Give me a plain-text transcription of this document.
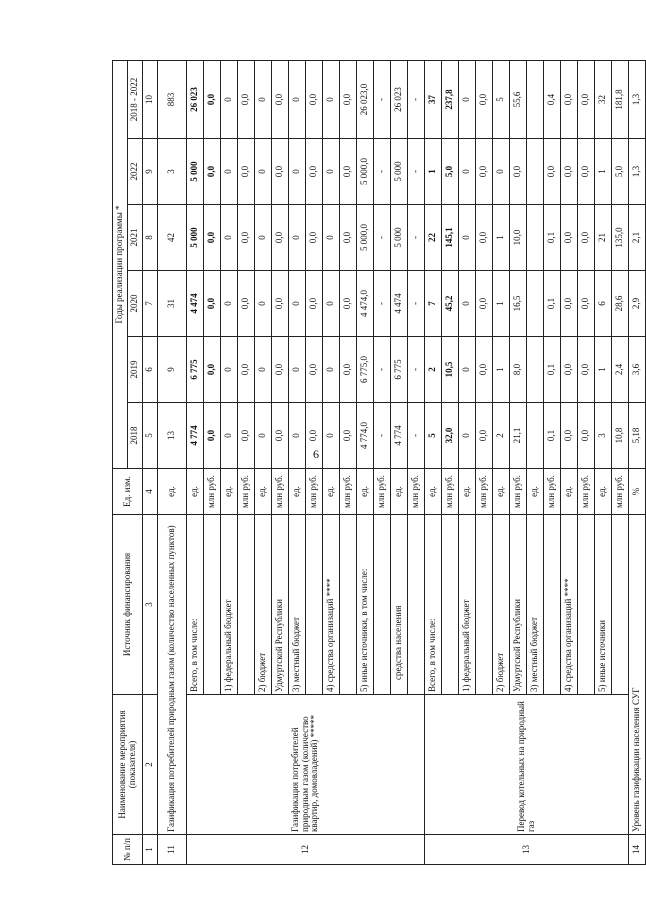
6
№ п/п	Наименование мероприятия (показателя)	Источник финансирования	Ед. изм.	Годы реализации программы *					
				2018	2019	2020	2021	2022	2018 - 2022
1	2	3	4	5	6	7	8	9	10
11	Газификация потребителей природным газом (количество населенных пунктов)		ед.	13	9	31	42	3	883
12	Газификация потребителей природным газом (количество квартир, домовладений) *****	Всего, в том числе:	ед.	4 774	6 775	4 474	5 000	5 000	26 023
			млн руб.	0,0	0,0	0,0	0,0	0,0	0,0
		1) федеральный бюджет	ед.	0	0	0	0	0	0
			млн руб.	0,0	0,0	0,0	0,0	0,0	0,0
		2) бюджет	ед.	0	0	0	0	0	0
		Удмуртской Республики	млн руб.	0,0	0,0	0,0	0,0	0,0	0,0
		3) местный бюджет	ед.	0	0	0	0	0	0
			млн руб.	0,0	0,0	0,0	0,0	0,0	0,0
		4) средства организаций ****	ед.	0	0	0	0	0	0
			млн руб.	0,0	0,0	0,0	0,0	0,0	0,0
		5) иные источники, в том числе:	ед.	4 774,0	6 775,0	4 474,0	5 000,0	5 000,0	26 023,0
			млн руб.	-	-	-	-	-	-
		средства населения	ед.	4 774	6 775	4 474	5 000	5 000	26 023
			млн руб.	-	-	-	-	-	-
13	Перевод котельных на природный газ	Всего, в том числе:	ед.	5	2	7	22	1	37
			млн руб.	32,0	10,5	45,2	145,1	5,0	237,8
		1) федеральный бюджет	ед.	0	0	0	0	0	0
			млн руб.	0,0	0,0	0,0	0,0	0,0	0,0
		2) бюджет	ед.	2	1	1	1	0	5
		Удмуртской Республики	млн руб.	21,1	8,0	16,5	10,0	0,0	55,6
		3) местный бюджет	ед.						
			млн руб.	0,1	0,1	0,1	0,1	0,0	0,4
		4) средства организаций ****	ед.	0,0	0,0	0,0	0,0	0,0	0,0
			млн руб.	0,0	0,0	0,0	0,0	0,0	0,0
		5) иные источники	ед.	3	1	6	21	1	32
			млн руб.	10,8	2,4	28,6	135,0	5,0	181,8
14	Уровень газификации населения СУГ		%	5,18	3,6	2,9	2,1	1,3	1,3
